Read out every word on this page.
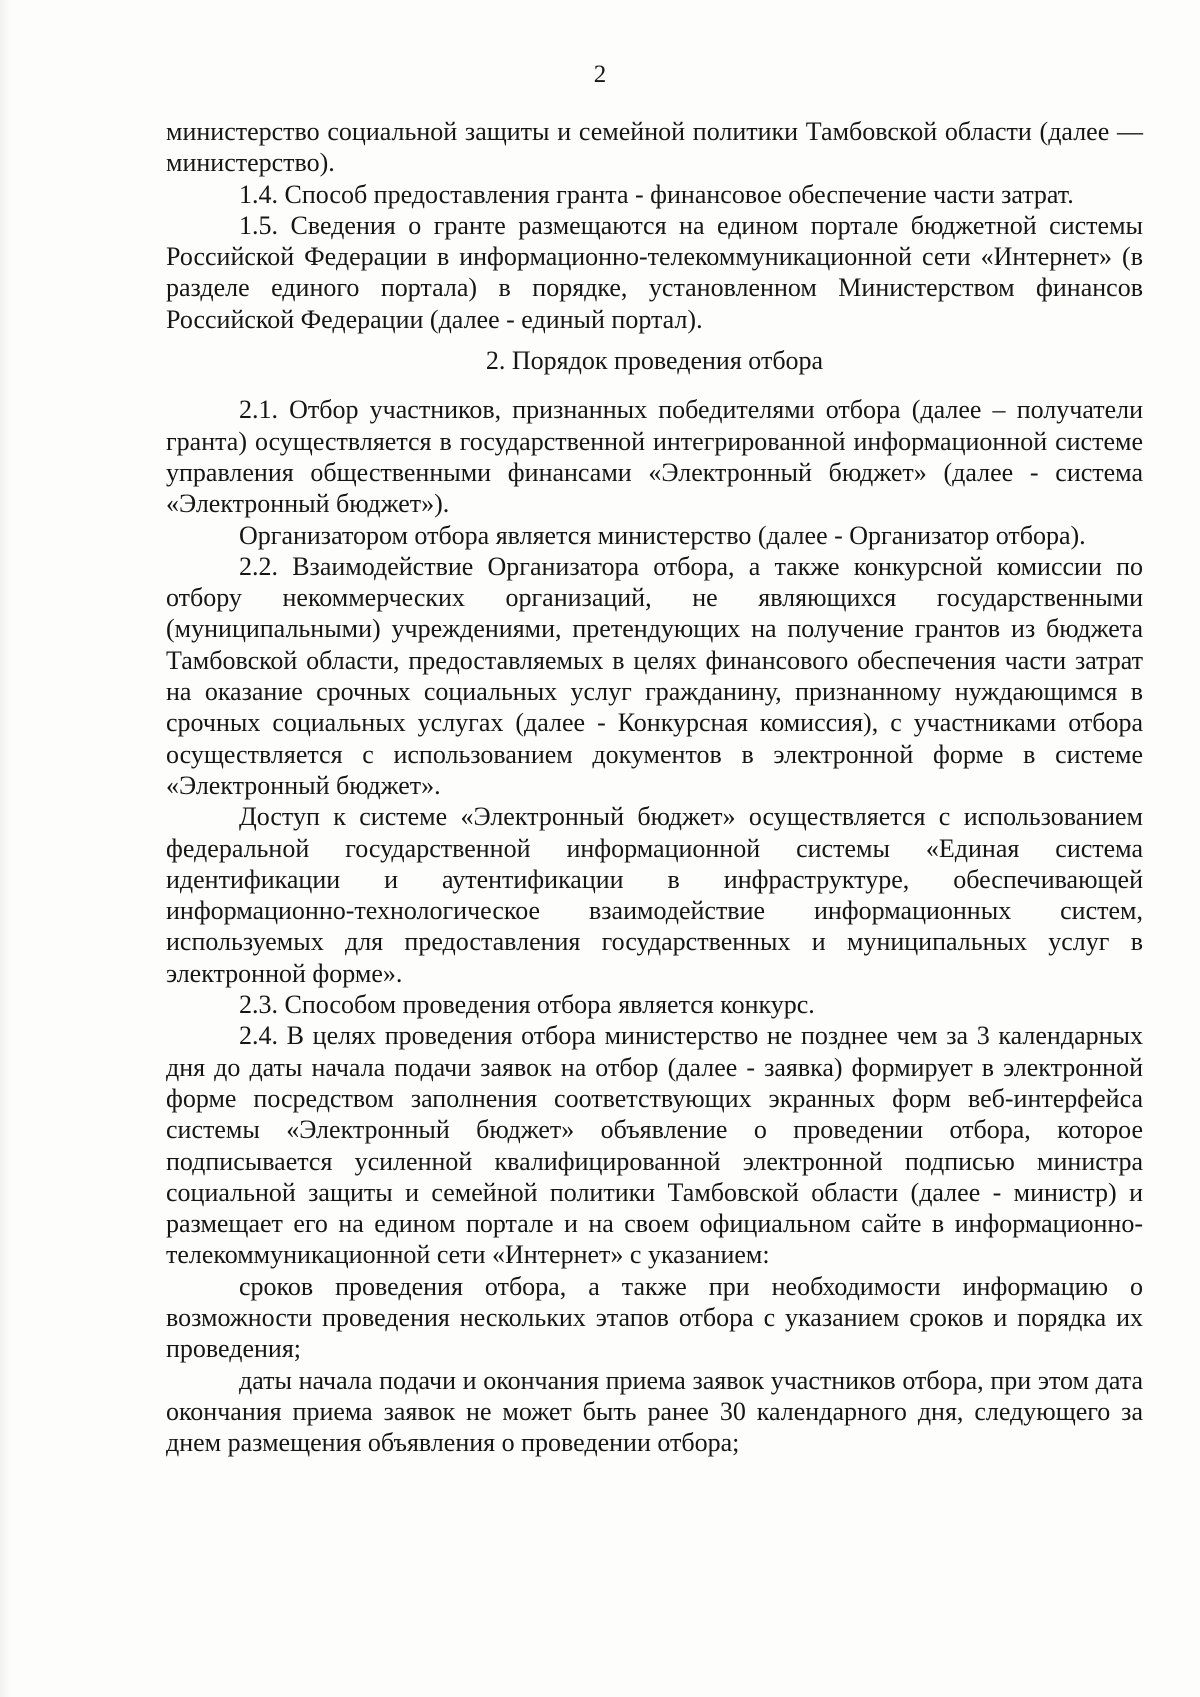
2

министерство социальной защиты и семейной политики Тамбовской области (далее — министерство).

1.4. Способ предоставления гранта - финансовое обеспечение части затрат.

1.5. Сведения о гранте размещаются на едином портале бюджетной системы Российской Федерации в информационно-телекоммуникационной сети «Интернет» (в разделе единого портала) в порядке, установленном Министерством финансов Российской Федерации (далее - единый портал).

2. Порядок проведения отбора

2.1. Отбор участников, признанных победителями отбора (далее – получатели гранта) осуществляется в государственной интегрированной информационной системе управления общественными финансами «Электронный бюджет» (далее - система «Электронный бюджет»).

Организатором отбора является министерство (далее - Организатор отбора).

2.2. Взаимодействие Организатора отбора, а также конкурсной комиссии по отбору некоммерческих организаций, не являющихся государственными (муниципальными) учреждениями, претендующих на получение грантов из бюджета Тамбовской области, предоставляемых в целях финансового обеспечения части затрат на оказание срочных социальных услуг гражданину, признанному нуждающимся в срочных социальных услугах (далее - Конкурсная комиссия), с участниками отбора осуществляется с использованием документов в электронной форме в системе «Электронный бюджет».

Доступ к системе «Электронный бюджет» осуществляется с использованием федеральной государственной информационной системы «Единая система идентификации и аутентификации в инфраструктуре, обеспечивающей информационно-технологическое взаимодействие информационных систем, используемых для предоставления государственных и муниципальных услуг в электронной форме».

2.3. Способом проведения отбора является конкурс.

2.4. В целях проведения отбора министерство не позднее чем за 3 календарных дня до даты начала подачи заявок на отбор (далее - заявка) формирует в электронной форме посредством заполнения соответствующих экранных форм веб-интерфейса системы «Электронный бюджет» объявление о проведении отбора, которое подписывается усиленной квалифицированной электронной подписью министра социальной защиты и семейной политики Тамбовской области (далее - министр) и размещает его на едином портале и на своем официальном сайте в информационно-телекоммуникационной сети «Интернет» с указанием:

сроков проведения отбора, а также при необходимости информацию о возможности проведения нескольких этапов отбора с указанием сроков и порядка их проведения;

даты начала подачи и окончания приема заявок участников отбора, при этом дата окончания приема заявок не может быть ранее 30 календарного дня, следующего за днем размещения объявления о проведении отбора;
